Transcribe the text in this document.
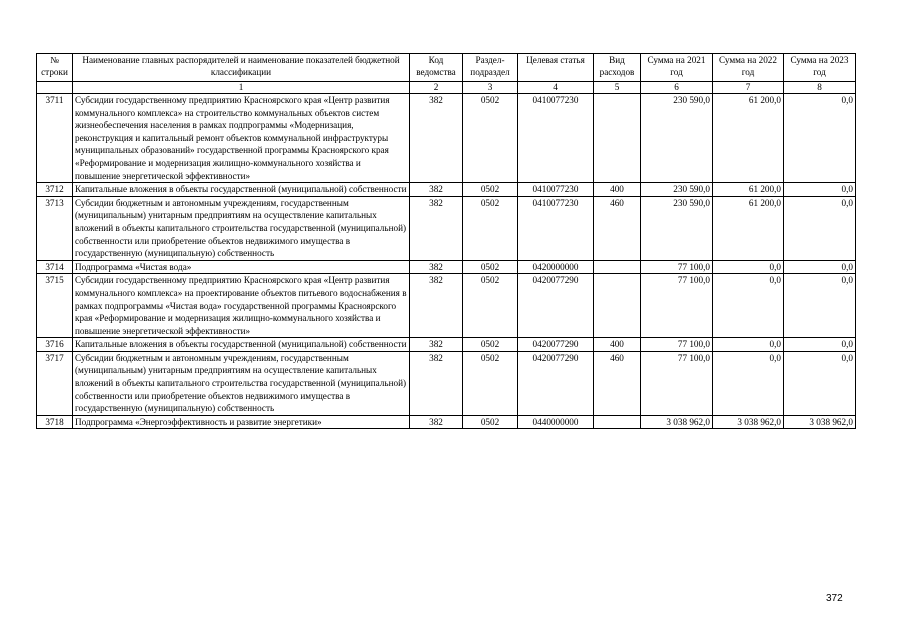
№ строки	Наименование главных распорядителей и наименование показателей бюджетной классификации	Код ведомства	Раздел-подраздел	Целевая статья	Вид расходов	Сумма на 2021 год	Сумма на 2022 год	Сумма на 2023 год
	1	2	3	4	5	6	7	8
3711	Субсидии государственному предприятию Красноярского края «Центр развития коммунального комплекса» на строительство коммунальных объектов систем жизнеобеспечения населения в рамках подпрограммы «Модернизация, реконструкция и капитальный ремонт объектов коммунальной инфраструктуры муниципальных образований» государственной программы Красноярского края «Реформирование и модернизация жилищно-коммунального хозяйства и повышение энергетической эффективности»	382	0502	0410077230		230 590,0	61 200,0	0,0
3712	Капитальные вложения в объекты государственной (муниципальной) собственности	382	0502	0410077230	400	230 590,0	61 200,0	0,0
3713	Субсидии бюджетным и автономным учреждениям, государственным (муниципальным) унитарным предприятиям на осуществление капитальных вложений в объекты капитального строительства государственной (муниципальной) собственности или приобретение объектов недвижимого имущества в государственную (муниципальную) собственность	382	0502	0410077230	460	230 590,0	61 200,0	0,0
3714	Подпрограмма «Чистая вода»	382	0502	0420000000		77 100,0	0,0	0,0
3715	Субсидии государственному предприятию Красноярского края «Центр развития коммунального комплекса» на проектирование объектов питьевого водоснабжения в рамках подпрограммы «Чистая вода» государственной программы Красноярского края «Реформирование и модернизация жилищно-коммунального хозяйства и повышение энергетической эффективности»	382	0502	0420077290		77 100,0	0,0	0,0
3716	Капитальные вложения в объекты государственной (муниципальной) собственности	382	0502	0420077290	400	77 100,0	0,0	0,0
3717	Субсидии бюджетным и автономным учреждениям, государственным (муниципальным) унитарным предприятиям на осуществление капитальных вложений в объекты капитального строительства государственной (муниципальной) собственности или приобретение объектов недвижимого имущества в государственную (муниципальную) собственность	382	0502	0420077290	460	77 100,0	0,0	0,0
3718	Подпрограмма «Энергоэффективность и развитие энергетики»	382	0502	0440000000		3 038 962,0	3 038 962,0	3 038 962,0
372
